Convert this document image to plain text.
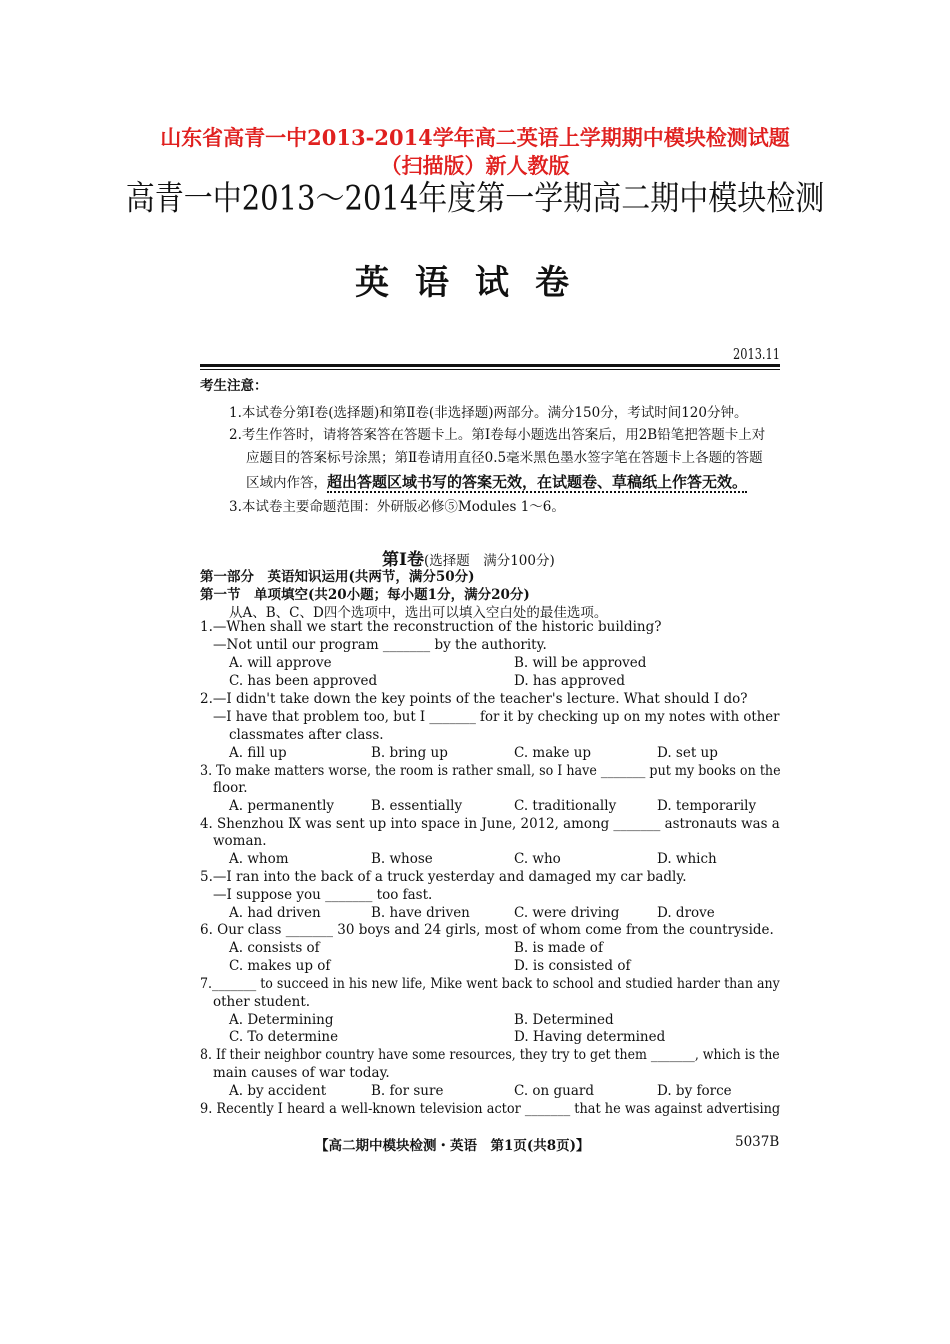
山东省高青一中2013-2014学年高二英语上学期期中模块检测试题
（扫描版）新人教版
高青一中2013～2014年度第一学期高二期中模块检测
英语试卷
2013.11
考生注意：
1.本试卷分第Ⅰ卷(选择题)和第Ⅱ卷(非选择题)两部分。满分150分，考试时间120分钟。
2.考生作答时，请将答案答在答题卡上。第Ⅰ卷每小题选出答案后，用2B铅笔把答题卡上对
应题目的答案标号涂黑；第Ⅱ卷请用直径0.5毫米黑色墨水签字笔在答题卡上各题的答题
区域内作答，超出答题区域书写的答案无效，在试题卷、草稿纸上作答无效。
3.本试卷主要命题范围：外研版必修⑤Modules 1～6。
第Ⅰ卷(选择题　满分100分)
第一部分　英语知识运用(共两节，满分50分)
第一节　单项填空(共20小题；每小题1分，满分20分)
从A、B、C、D四个选项中，选出可以填入空白处的最佳选项。
1.—When shall we start the reconstruction of the historic building?
—Not until our program _______ by the authority.
A. will approve	B. will be approved
C. has been approved	D. has approved
2.—I didn't take down the key points of the teacher's lecture. What should I do?
—I have that problem too, but I _______ for it by checking up on my notes with other
classmates after class.
A. fill up	B. bring up	C. make up	D. set up
3. To make matters worse, the room is rather small, so I have _______ put my books on the
floor.
A. permanently	B. essentially	C. traditionally	D. temporarily
4. Shenzhou Ⅸ was sent up into space in June, 2012, among _______ astronauts was a
woman.
A. whom	B. whose	C. who	D. which
5.—I ran into the back of a truck yesterday and damaged my car badly.
—I suppose you _______ too fast.
A. had driven	B. have driven	C. were driving	D. drove
6. Our class _______ 30 boys and 24 girls, most of whom come from the countryside.
A. consists of	B. is made of
C. makes up of	D. is consisted of
7._______ to succeed in his new life, Mike went back to school and studied harder than any
other student.
A. Determining	B. Determined
C. To determine	D. Having determined
8. If their neighbor country have some resources, they try to get them _______, which is the
main causes of war today.
A. by accident	B. for sure	C. on guard	D. by force
9. Recently I heard a well-known television actor _______ that he was against advertising
【高二期中模块检测・英语　第1页(共8页)】	5037B
